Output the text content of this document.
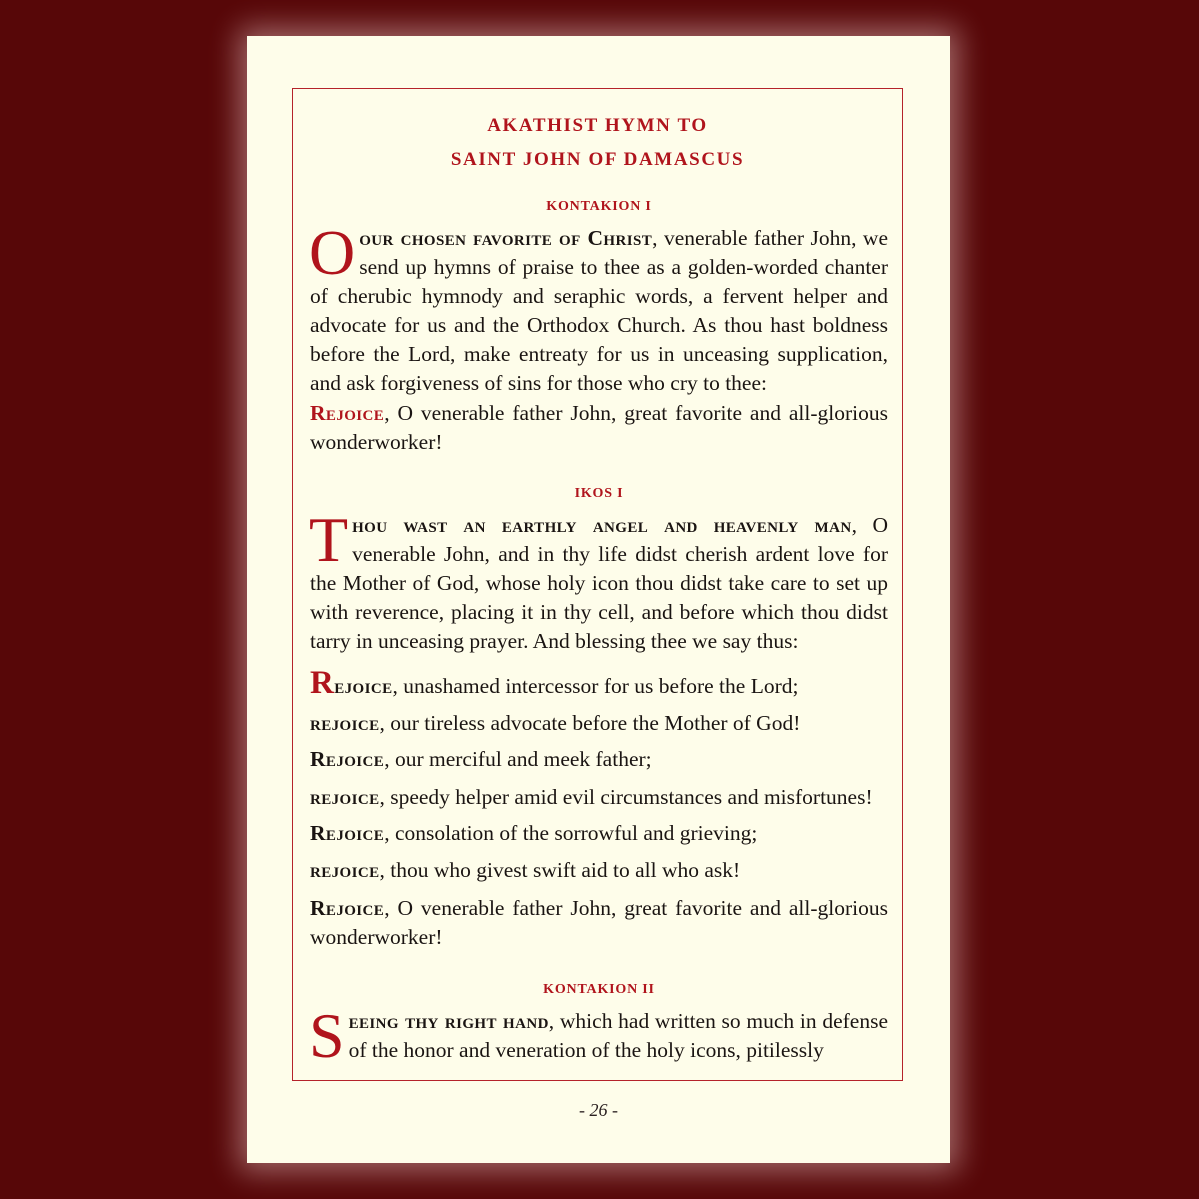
AKATHIST HYMN TO
SAINT JOHN OF DAMASCUS
KONTAKION I

Oour chosen favorite of Christ, venerable father John, we send up hymns of praise to thee as a golden-worded chanter of cherubic hymnody and seraphic words, a fervent helper and advocate for us and the Orthodox Church. As thou hast boldness before the Lord, make entreaty for us in unceasing supplication, and ask forgiveness of sins for those who cry to thee:

Rejoice, O venerable father John, great favorite and all-glorious wonderworker!

IKOS I

Thou wast an earthly angel and heavenly man, O venerable John, and in thy life didst cherish ardent love for the Mother of God, whose holy icon thou didst take care to set up with reverence, placing it in thy cell, and before which thou didst tarry in unceasing prayer. And blessing thee we say thus:

Rejoice, unashamed intercessor for us before the Lord;
rejoice, our tireless advocate before the Mother of God!
Rejoice, our merciful and meek father;
rejoice, speedy helper amid evil circumstances and misfortunes!
Rejoice, consolation of the sorrowful and grieving;
rejoice, thou who givest swift aid to all who ask!

Rejoice, O venerable father John, great favorite and all-glorious wonderworker!

KONTAKION II

Seeing thy right hand, which had written so much in defense of the honor and veneration of the holy icons, pitilessly

- 26 -
